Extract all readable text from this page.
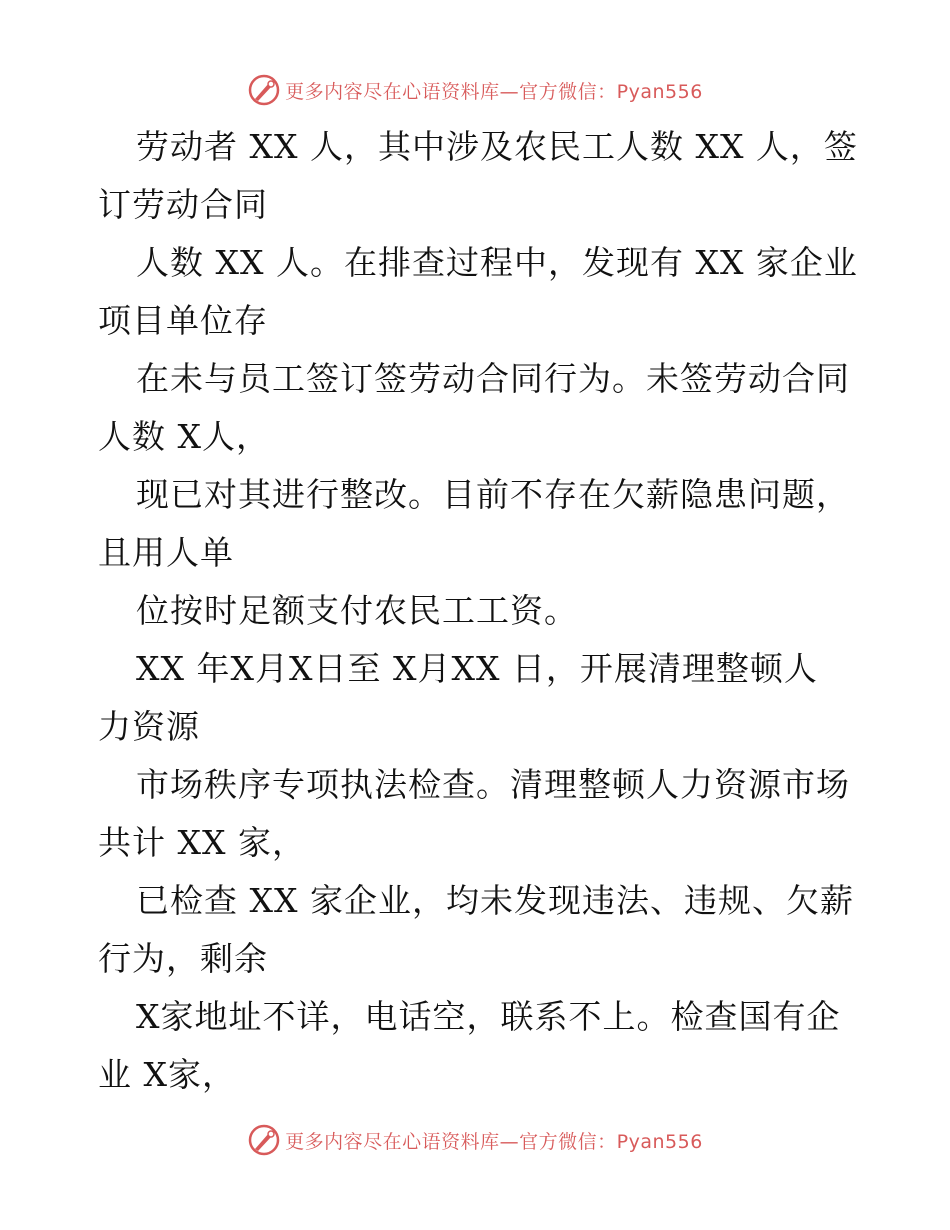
更多内容尽在心语资料库—官方微信：Pyan556
劳动者 XX 人，其中涉及农民工人数 XX 人，签
订劳动合同
人数 XX 人。在排查过程中，发现有 XX 家企业
项目单位存
在未与员工签订签劳动合同行为。未签劳动合同
人数 X人，
现已对其进行整改。目前不存在欠薪隐患问题，
且用人单
位按时足额支付农民工工资。
XX 年X月X日至 X月XX 日，开展清理整顿人
力资源
市场秩序专项执法检查。清理整顿人力资源市场
共计 XX 家，
已检查 XX 家企业，均未发现违法、违规、欠薪
行为，剩余
X家地址不详，电话空，联系不上。检查国有企
业 X家，
更多内容尽在心语资料库—官方微信：Pyan556
